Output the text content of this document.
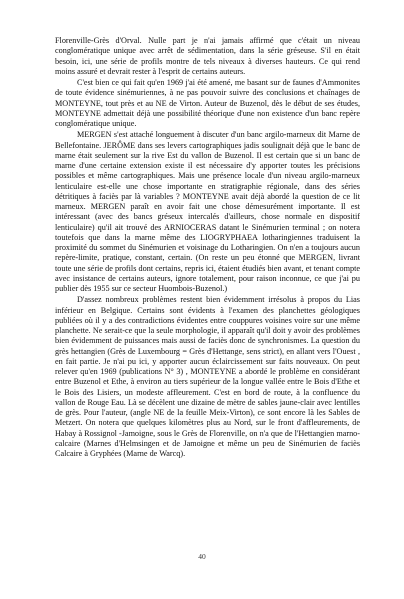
Florenville-Grès d'Orval. Nulle part je n'ai jamais affirmé que c'était un niveau conglomératique unique avec arrêt de sédimentation, dans la série gréseuse. S'il en était besoin, ici, une série de profils montre de tels niveaux à diverses hauteurs. Ce qui rend moins assuré et devrait rester à l'esprit de certains auteurs.

C'est bien ce qui fait qu'en 1969 j'ai été amené, me basant sur de faunes d'Ammonites de toute évidence sinémuriennes, à ne pas pouvoir suivre des conclusions et chaînages de MONTEYNE, tout près et au NE de Virton. Auteur de Buzenol, dès le début de ses études, MONTEYNE admettait déjà une possibilité théorique d'une non existence d'un banc repère conglomératique unique.

MERGEN s'est attaché longuement à discuter d'un banc argilo-marneux dit Marne de Bellefontaine. JERÔME dans ses levers cartographiques jadis soulignait déjà que le banc de marne était seulement sur la rive Est du vallon de Buzenol. Il est certain que si un banc de marne d'une certaine extension existe il est nécessaire d'y apporter toutes les précisions possibles et même cartographiques. Mais une présence locale d'un niveau argilo-marneux lenticulaire est-elle une chose importante en stratigraphie régionale, dans des séries détritiques à faciès par là variables ? MONTEYNE avait déjà abordé la question de ce lit marneux. MERGEN paraît en avoir fait une chose démesurément importante. Il est intéressant (avec des bancs gréseux intercalés d'ailleurs, chose normale en dispositif lenticulaire) qu'il ait trouvé des ARNIOCERAS datant le Sinémurien terminal ; on notera toutefois que dans la marne même des LIOGRYPHAEA lotharingiennes traduisent la proximité du sommet du Sinémurien et voisinage du Lotharingien. On n'en a toujours aucun repère-limite, pratique, constant, certain. (On reste un peu étonné que MERGEN, livrant toute une série de profils dont certains, repris ici, étaient étudiés bien avant, et tenant compte avec insistance de certains auteurs, ignore totalement, pour raison inconnue, ce que j'ai pu publier dès 1955 sur ce secteur Huombois-Buzenol.)

D'assez nombreux problèmes restent bien évidemment irrésolus à propos du Lias inférieur en Belgique. Certains sont évidents à l'examen des planchettes géologiques publiées où il y a des contradictions évidentes entre couppures voisines voire sur une même planchette. Ne serait-ce que la seule morphologie, il apparaît qu'il doit y avoir des problèmes bien évidemment de puissances mais aussi de faciès donc de synchronismes. La question du grès hettangien (Grès de Luxembourg = Grès d'Hettange, sens strict), en allant vers l'Ouest , en fait partie. Je n'ai pu ici, y apporter aucun éclaircissement sur faits nouveaux. On peut relever qu'en 1969 (publications N° 3) , MONTEYNE a abordé le problème en considérant entre Buzenol et Ethe, à environ au tiers supérieur de la longue vallée entre le Bois d'Ethe et le Bois des Lisiers, un modeste affleurement. C'est en bord de route, à la confluence du vallon de Rouge Eau. Là se décèlent une dizaine de mètre de sables jaune-clair avec lentilles de grès. Pour l'auteur, (angle NE de la feuille Meix-Virton), ce sont encore là les Sables de Metzert. On notera que quelques kilomètres plus au Nord, sur le front d'affleurements, de Habay à Rossignol -Jamoigne, sous le Grès de Florenville, on n'a que de l'Hettangien marno-calcaire (Marnes d'Helmsingen et de Jamoigne et même un peu de Sinémurien de faciès Calcaire à Gryphées (Marne de Warcq).

40
